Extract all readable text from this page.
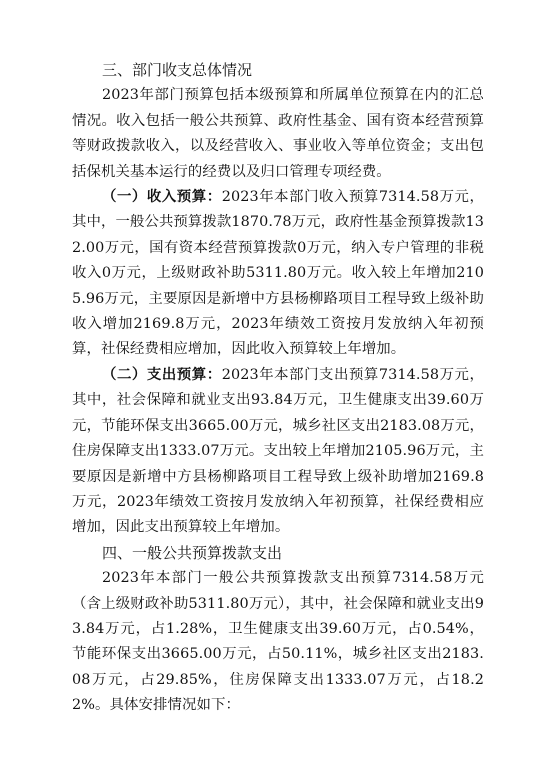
三、部门收支总体情况

2023年部门预算包括本级预算和所属单位预算在内的汇总情况。收入包括一般公共预算、政府性基金、国有资本经营预算等财政拨款收入，以及经营收入、事业收入等单位资金；支出包括保机关基本运行的经费以及归口管理专项经费。

（一）收入预算：2023年本部门收入预算7314.58万元，其中，一般公共预算拨款1870.78万元，政府性基金预算拨款132.00万元，国有资本经营预算拨款0万元，纳入专户管理的非税收入0万元，上级财政补助5311.80万元。收入较上年增加2105.96万元，主要原因是新增中方县杨柳路项目工程导致上级补助收入增加2169.8万元，2023年绩效工资按月发放纳入年初预算，社保经费相应增加，因此收入预算较上年增加。

（二）支出预算：2023年本部门支出预算7314.58万元，其中，社会保障和就业支出93.84万元，卫生健康支出39.60万元，节能环保支出3665.00万元，城乡社区支出2183.08万元，住房保障支出1333.07万元。支出较上年增加2105.96万元，主要原因是新增中方县杨柳路项目工程导致上级补助增加2169.8万元，2023年绩效工资按月发放纳入年初预算，社保经费相应增加，因此支出预算较上年增加。

四、一般公共预算拨款支出

2023年本部门一般公共预算拨款支出预算7314.58万元（含上级财政补助5311.80万元），其中，社会保障和就业支出93.84万元，占1.28%，卫生健康支出39.60万元，占0.54%，节能环保支出3665.00万元，占50.11%，城乡社区支出2183.08万元，占29.85%，住房保障支出1333.07万元，占18.22%。具体安排情况如下：
